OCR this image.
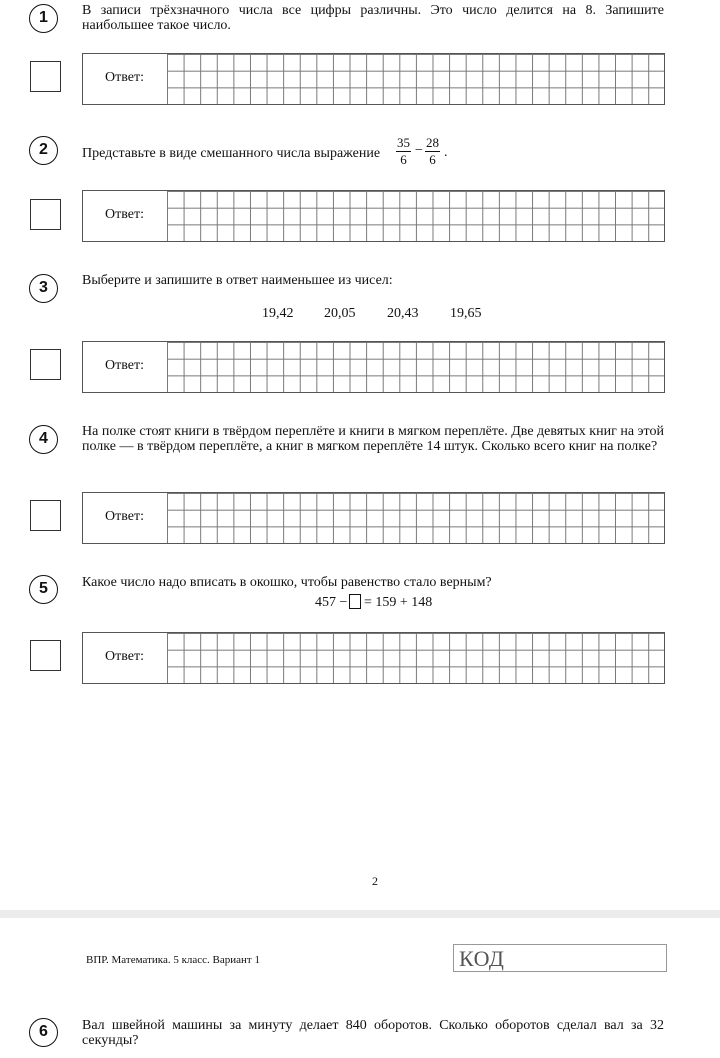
1	В записи трёхзначного числа все цифры различны. Это число делится на 8. Запишите наибольшее такое число.
Ответ:
2	Представьте в виде смешанного числа выражение	$\frac{35}{6} - \frac{28}{6}$ .
Ответ:
3	Выберите и запишите в ответ наименьшее из чисел:
19,42 20,05 20,43 19,65
Ответ:
4	На полке стоят книги в твёрдом переплёте и книги в мягком переплёте. Две девятых книг на этой полке — в твёрдом переплёте, а книг в мягком переплёте 14 штук. Сколько всего книг на полке?
Ответ:
5	Какое число надо вписать в окошко, чтобы равенство стало верным?
457 − = 159 + 148
Ответ:
2
ВПР. Математика. 5 класс. Вариант 1	КОД
6	Вал швейной машины за минуту делает 840 оборотов. Сколько оборотов сделал вал за 32 секунды?
